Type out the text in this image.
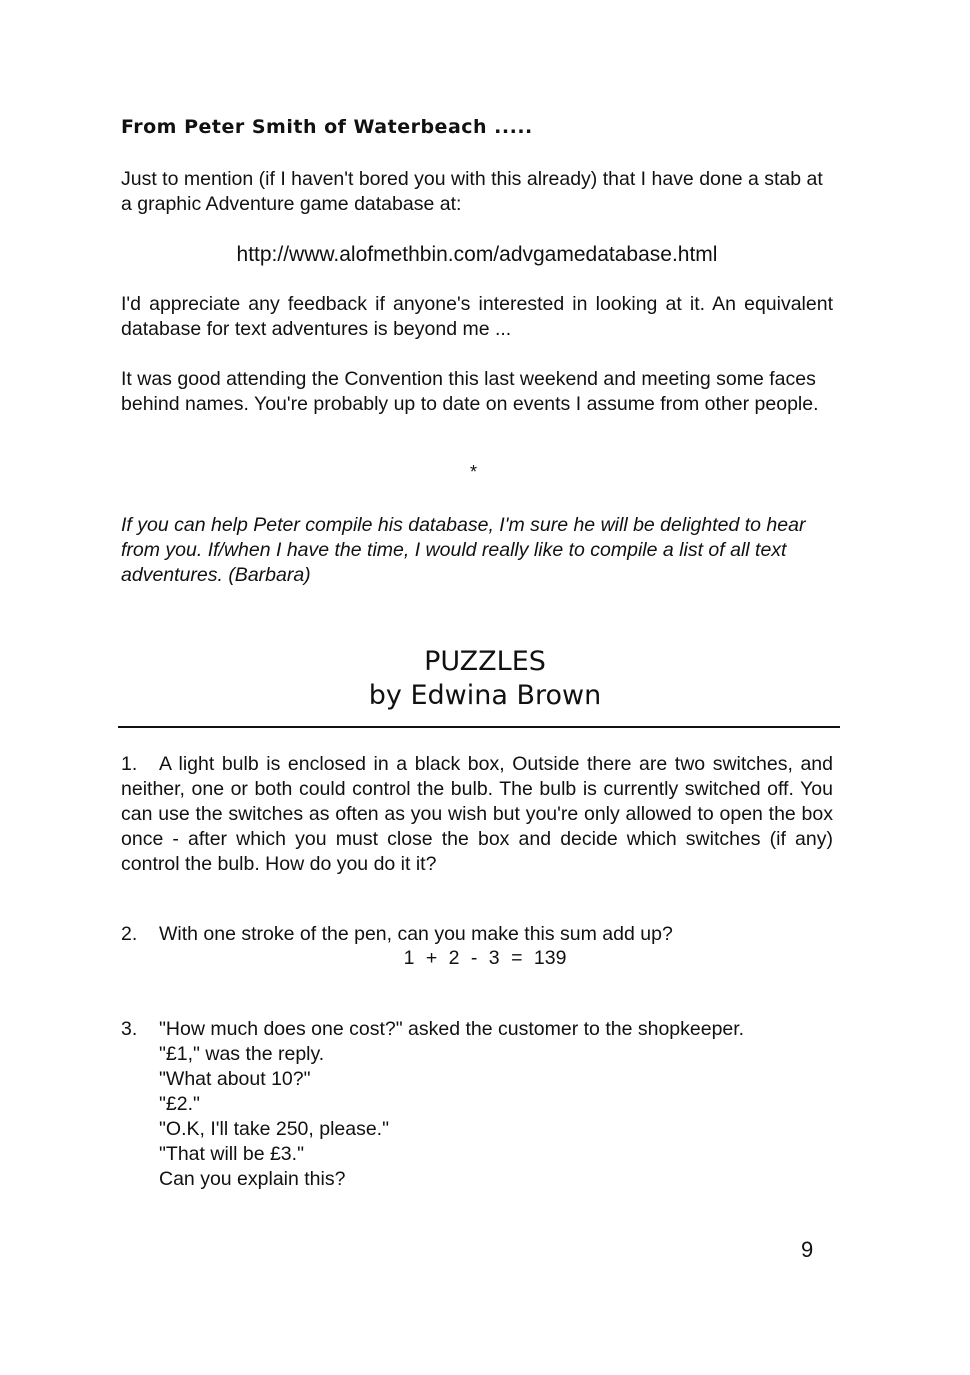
From Peter Smith of Waterbeach .....

Just to mention (if I haven't bored you with this already) that I have done a stab at a graphic Adventure game database at:

http://www.alofmethbin.com/advgamedatabase.html

I'd appreciate any feedback if anyone's interested in looking at it. An equivalent database for text adventures is beyond me ...

It was good attending the Convention this last weekend and meeting some faces behind names. You're probably up to date on events I assume from other people.

*

If you can help Peter compile his database, I'm sure he will be delighted to hear from you. If/when I have the time, I would really like to compile a list of all text adventures. (Barbara)

PUZZLES

by Edwina Brown

1. A light bulb is enclosed in a black box, Outside there are two switches, and neither, one or both could control the bulb. The bulb is currently switched off. You can use the switches as often as you wish but you're only allowed to open the box once - after which you must close the box and decide which switches (if any) control the bulb. How do you do it it?
2. With one stroke of the pen, can you make this sum add up?

1 + 2 - 3 = 139

3. "How much does one cost?" asked the customer to the shopkeeper.

"£1," was the reply.

"What about 10?"

"£2."

"O.K, I'll take 250, please."

"That will be £3."

Can you explain this?

9
